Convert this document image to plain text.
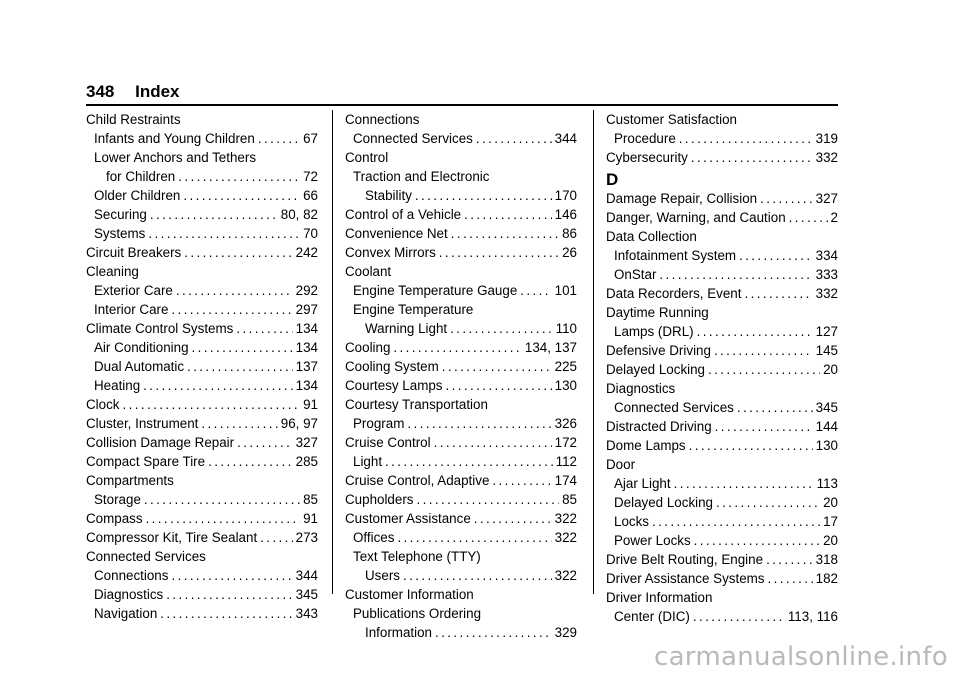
348 Index
Child Restraints
Infants and Young Children .....	67
Lower Anchors and Tethers
for Children .....	72
Older Children .....	66
Securing .....	80, 82
Systems .....	70
Circuit Breakers .....	242
Cleaning
Exterior Care .....	292
Interior Care .....	297
Climate Control Systems .....	134
Air Conditioning .....	134
Dual Automatic .....	137
Heating .....	134
Clock .....	91
Cluster, Instrument .....	96, 97
Collision Damage Repair .....	327
Compact Spare Tire .....	285
Compartments
Storage .....	85
Compass .....	91
Compressor Kit, Tire Sealant .....	273
Connected Services
Connections .....	344
Diagnostics .....	345
Navigation .....	343
Connections
Connected Services .....	344
Control
Traction and Electronic
Stability .....	170
Control of a Vehicle .....	146
Convenience Net .....	86
Convex Mirrors .....	26
Coolant
Engine Temperature Gauge .....	101
Engine Temperature
Warning Light .....	110
Cooling .....	134, 137
Cooling System .....	225
Courtesy Lamps .....	130
Courtesy Transportation
Program .....	326
Cruise Control .....	172
Light .....	112
Cruise Control, Adaptive .....	174
Cupholders .....	85
Customer Assistance .....	322
Offices .....	322
Text Telephone (TTY)
Users .....	322
Customer Information
Publications Ordering
Information .....	329
Customer Satisfaction
Procedure .....	319
Cybersecurity .....	332
D
Damage Repair, Collision .....	327
Danger, Warning, and Caution .....	2
Data Collection
Infotainment System .....	334
OnStar .....	333
Data Recorders, Event .....	332
Daytime Running
Lamps (DRL) .....	127
Defensive Driving .....	145
Delayed Locking .....	20
Diagnostics
Connected Services .....	345
Distracted Driving .....	144
Dome Lamps .....	130
Door
Ajar Light .....	113
Delayed Locking .....	20
Locks .....	17
Power Locks .....	20
Drive Belt Routing, Engine .....	318
Driver Assistance Systems .....	182
Driver Information
Center (DIC) .....	113, 116
carmanualsonline.info
